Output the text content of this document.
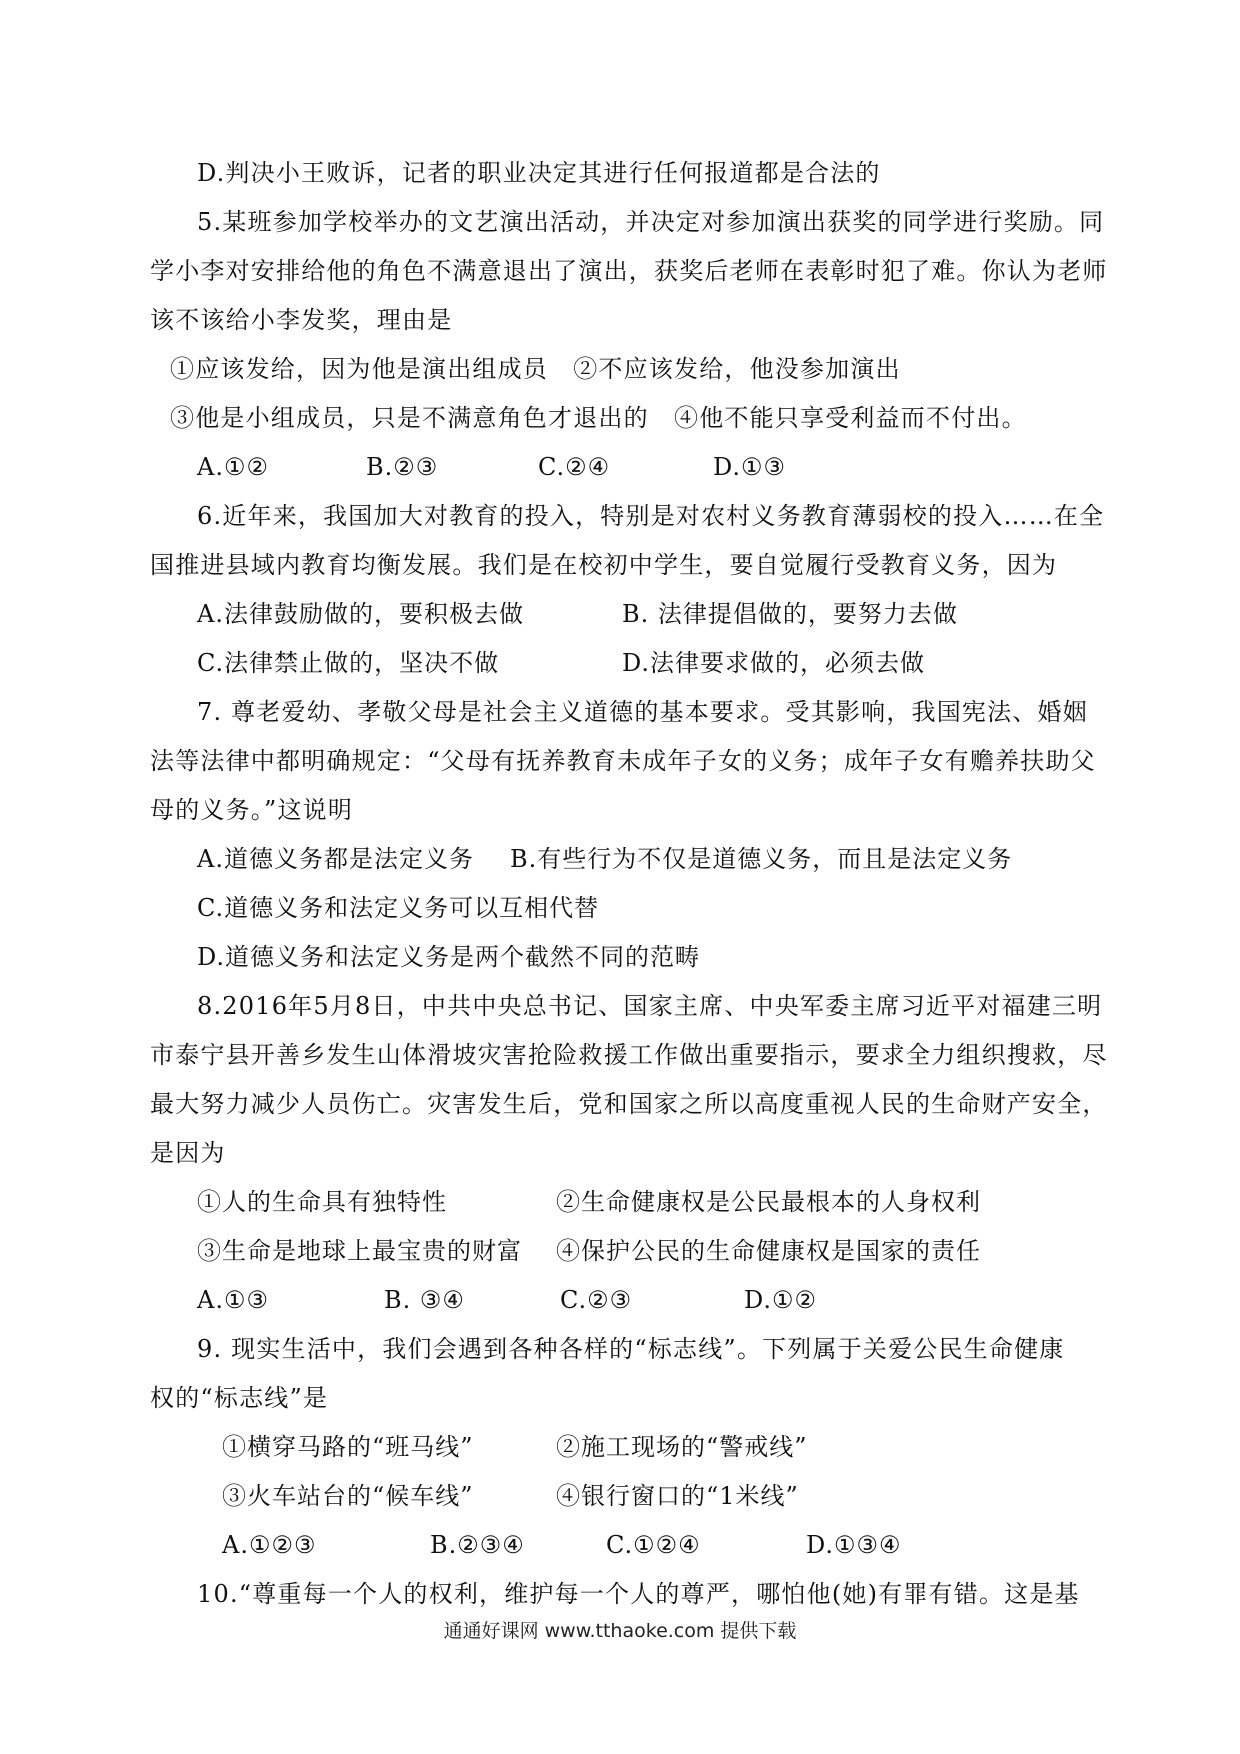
D.判决小王败诉，记者的职业决定其进行任何报道都是合法的
5.某班参加学校举办的文艺演出活动，并决定对参加演出获奖的同学进行奖励。同
学小李对安排给他的角色不满意退出了演出，获奖后老师在表彰时犯了难。你认为老师
该不该给小李发奖，理由是
①应该发给，因为他是演出组成员　②不应该发给，他没参加演出
③他是小组成员，只是不满意角色才退出的　④他不能只享受利益而不付出。
A.①②	B.②③	C.②④	D.①③
6.近年来，我国加大对教育的投入，特别是对农村义务教育薄弱校的投入……在全
国推进县域内教育均衡发展。我们是在校初中学生，要自觉履行受教育义务，因为
A.法律鼓励做的，要积极去做	B. 法律提倡做的，要努力去做
C.法律禁止做的，坚决不做	D.法律要求做的，必须去做
7. 尊老爱幼、孝敬父母是社会主义道德的基本要求。受其影响，我国宪法、婚姻
法等法律中都明确规定：“父母有抚养教育未成年子女的义务；成年子女有赡养扶助父
母的义务。”这说明
A.道德义务都是法定义务 B.有些行为不仅是道德义务，而且是法定义务
C.道德义务和法定义务可以互相代替
D.道德义务和法定义务是两个截然不同的范畴
8.2016年5月8日，中共中央总书记、国家主席、中央军委主席习近平对福建三明
市泰宁县开善乡发生山体滑坡灾害抢险救援工作做出重要指示，要求全力组织搜救，尽
最大努力减少人员伤亡。灾害发生后，党和国家之所以高度重视人民的生命财产安全，
是因为
①人的生命具有独特性	②生命健康权是公民最根本的人身权利
③生命是地球上最宝贵的财富 ④保护公民的生命健康权是国家的责任
A.①③	B. ③④	C.②③	D.①②
9. 现实生活中，我们会遇到各种各样的“标志线”。下列属于关爱公民生命健康
权的“标志线”是
①横穿马路的“班马线”	②施工现场的“警戒线”
③火车站台的“候车线”	④银行窗口的“1米线”
A.①②③	B.②③④	C.①②④	D.①③④
10.“尊重每一个人的权利，维护每一个人的尊严，哪怕他(她)有罪有错。这是基
通通好课网 www.tthaoke.com 提供下载
